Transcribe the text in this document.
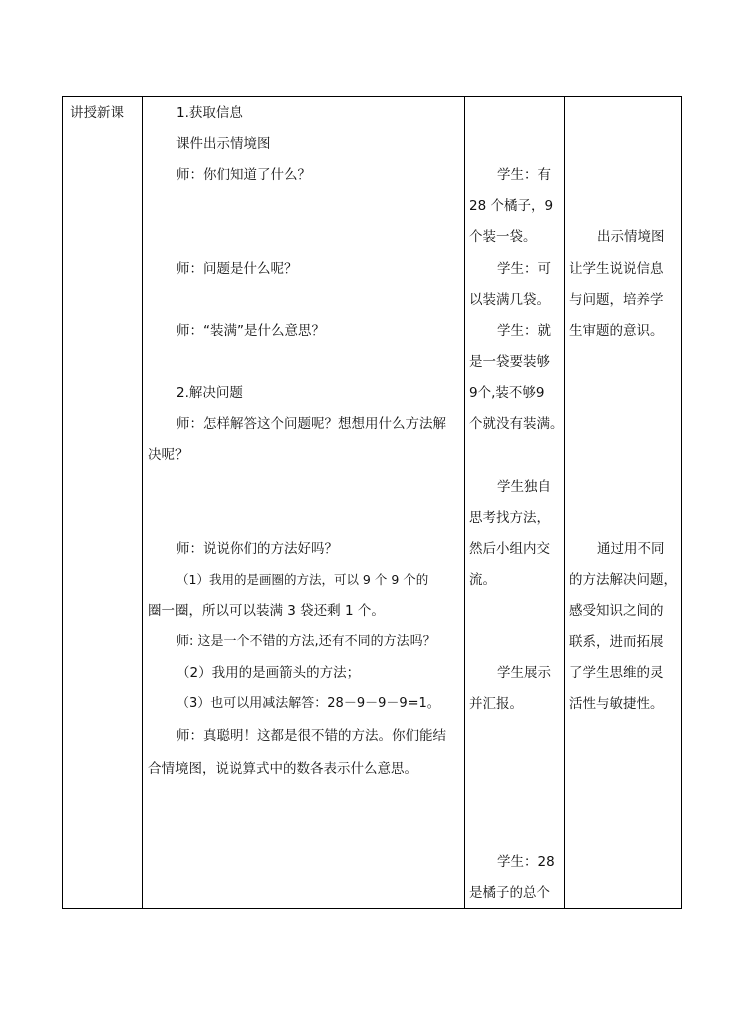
讲授新课	1.获取信息
课件出示情境图
师：你们知道了什么？
师：问题是什么呢？
师：“装满”是什么意思？
2.解决问题
师：怎样解答这个问题呢？想想用什么方法解
决呢？
师：说说你们的方法好吗？
（1）我用的是画圈的方法，可以 9 个 9 个的
圈一圈，所以可以装满 3 袋还剩 1 个。
师: 这是一个不错的方法,还有不同的方法吗？
（2）我用的是画箭头的方法；
（3）也可以用减法解答：28－9－9－9=1。
师：真聪明！这都是很不错的方法。你们能结
合情境图，说说算式中的数各表示什么意思。
学生：有
28 个橘子，9
个装一袋。
学生：可
以装满几袋。
学生：就
是一袋要装够
9个,装不够9
个就没有装满。
学生独自
思考找方法，
然后小组内交
流。
学生展示
并汇报。
学生：28
是橘子的总个
出示情境图
让学生说说信息
与问题，培养学
生审题的意识。
通过用不同
的方法解决问题，
感受知识之间的
联系，进而拓展
了学生思维的灵
活性与敏捷性。
